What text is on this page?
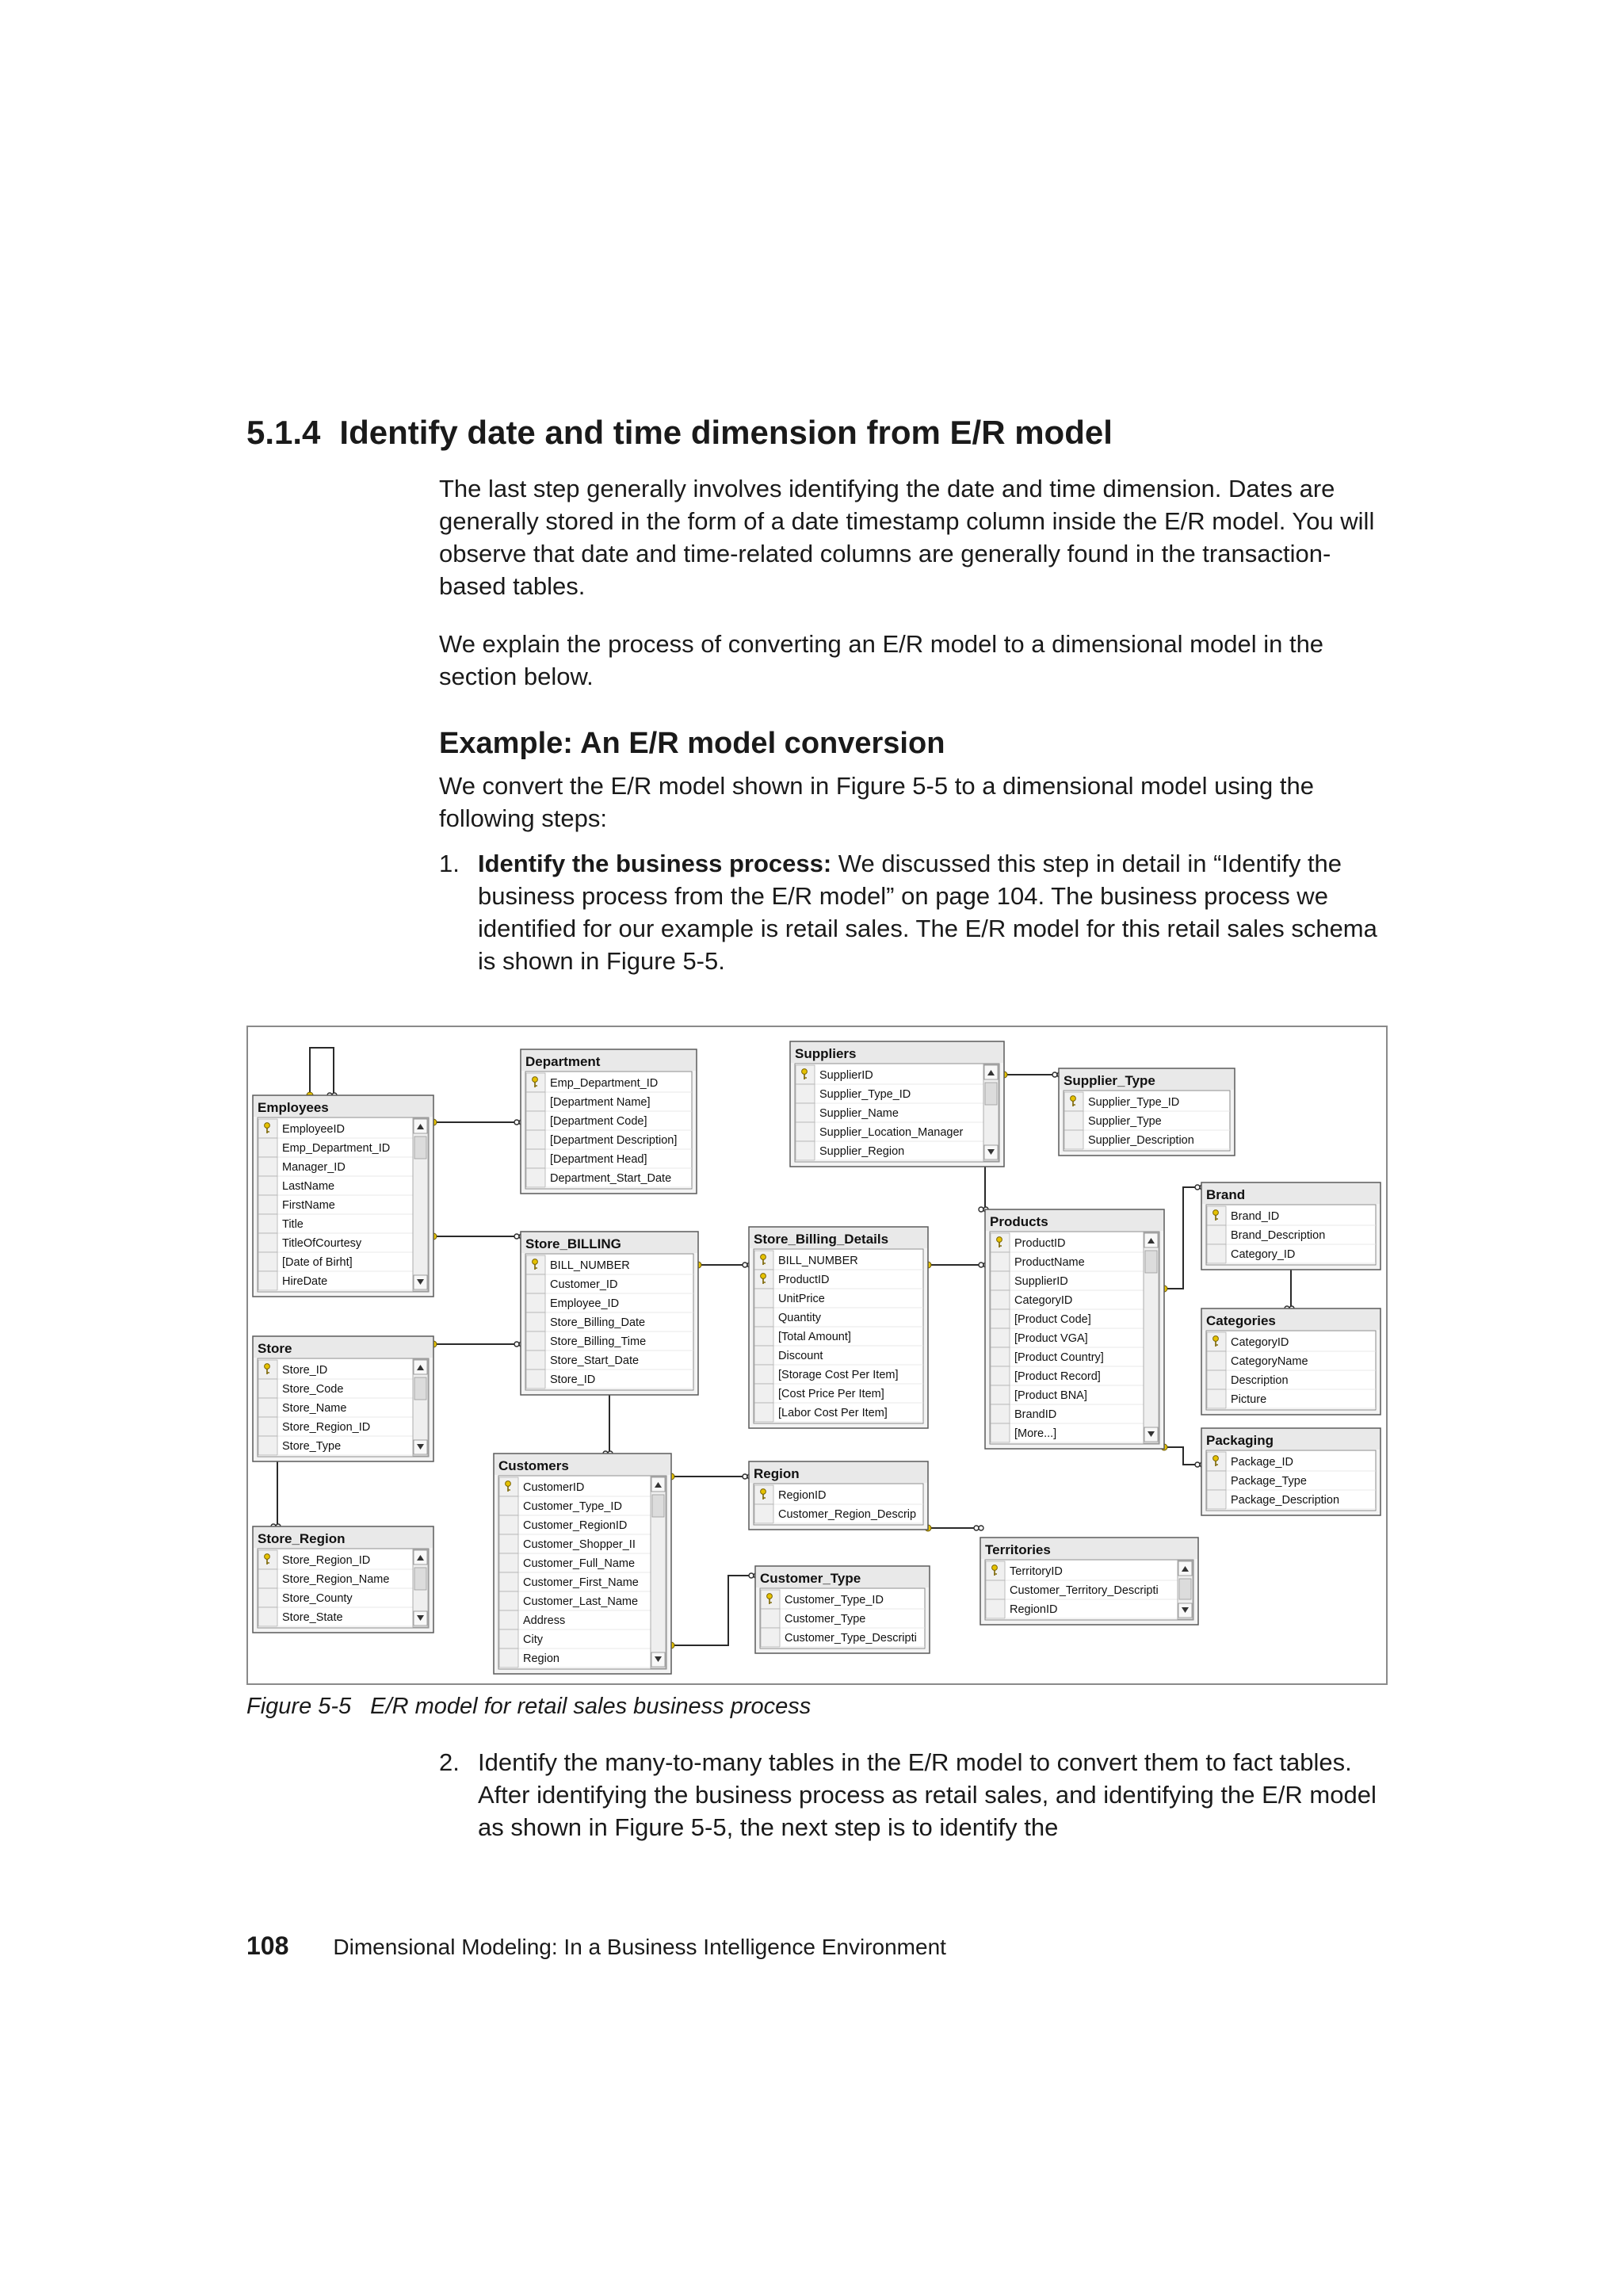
5.1.4 Identify date and time dimension from E/R model

The last step generally involves identifying the date and time dimension. Dates are generally stored in the form of a date timestamp column inside the E/R model. You will observe that date and time-related columns are generally found in the transaction-based tables.

We explain the process of converting an E/R model to a dimensional model in the section below.

Example: An E/R model conversion

We convert the E/R model shown in Figure 5-5 to a dimensional model using the following steps:

1. Identify the business process: We discussed this step in detail in “Identify the business process from the E/R model” on page 104. The business process we identified for our example is retail sales. The E/R model for this retail sales schema is shown in Figure 5-5.
Employees
EmployeeID
Emp_Department_ID
Manager_ID
LastName
FirstName
Title
TitleOfCourtesy
[Date of Birht]
HireDate
Department
Emp_Department_ID
[Department Name]
[Department Code]
[Department Description]
[Department Head]
Department_Start_Date
Suppliers
SupplierID
Supplier_Type_ID
Supplier_Name
Supplier_Location_Manager
Supplier_Region
Supplier_Type
Supplier_Type_ID
Supplier_Type
Supplier_Description
Brand
Brand_ID
Brand_Description
Category_ID
Store_BILLING
BILL_NUMBER
Customer_ID
Employee_ID
Store_Billing_Date
Store_Billing_Time
Store_Start_Date
Store_ID
Store_Billing_Details
BILL_NUMBER
ProductID
UnitPrice
Quantity
[Total Amount]
Discount
[Storage Cost Per Item]
[Cost Price Per Item]
[Labor Cost Per Item]
Products
ProductID
ProductName
SupplierID
CategoryID
[Product Code]
[Product VGA]
[Product Country]
[Product Record]
[Product BNA]
BrandID
[More...]
Categories
CategoryID
CategoryName
Description
Picture
Store
Store_ID
Store_Code
Store_Name
Store_Region_ID
Store_Type	Packaging
Package_ID
Package_Type
Package_Description
Customers
CustomerID
Customer_Type_ID
Customer_RegionID
Customer_Shopper_II
Customer_Full_Name
Customer_First_Name
Customer_Last_Name
Address
City
Region
Region
RegionID
Customer_Region_Descrip
Territories
TerritoryID
Customer_Territory_Descripti
RegionID
Store_Region
Store_Region_ID
Store_Region_Name
Store_County
Store_State
Customer_Type
Customer_Type_ID
Customer_Type
Customer_Type_Descripti
Figure 5-5 E/R model for retail sales business process
2. Identify the many-to-many tables in the E/R model to convert them to fact tables. After identifying the business process as retail sales, and identifying the E/R model as shown in Figure 5-5, the next step is to identify the
108 Dimensional Modeling: In a Business Intelligence Environment
